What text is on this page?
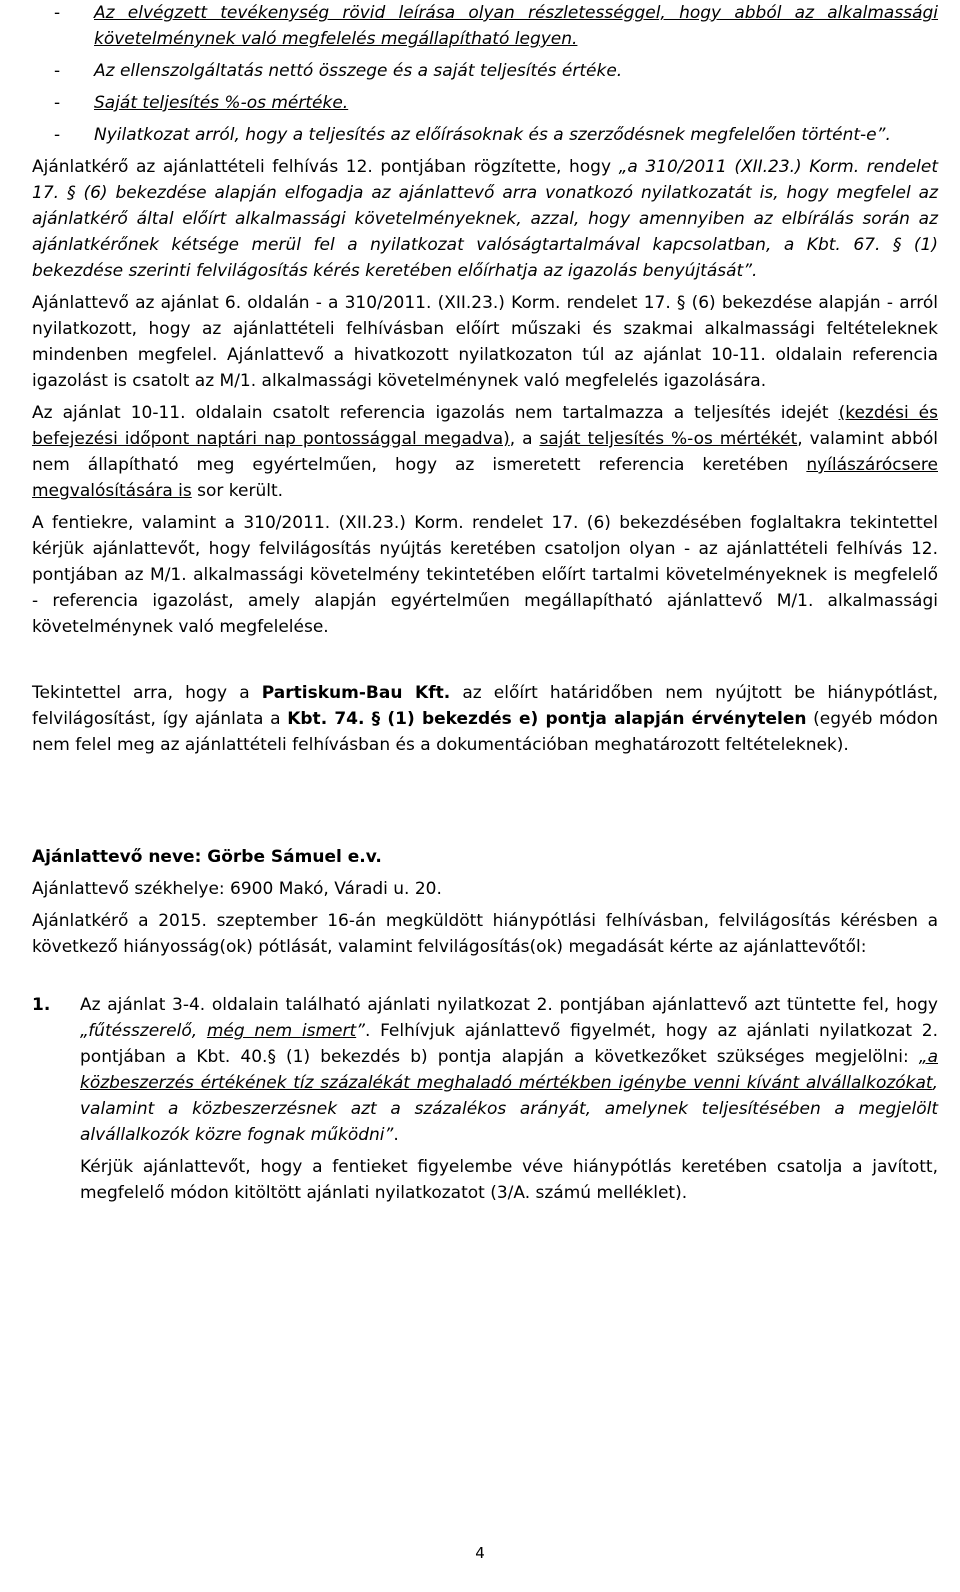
- Az elvégzett tevékenység rövid leírása olyan részletességgel, hogy abból az alkalmassági követelménynek való megfelelés megállapítható legyen.
- Az ellenszolgáltatás nettó összege és a saját teljesítés értéke.
- Saját teljesítés %-os mértéke.
- Nyilatkozat arról, hogy a teljesítés az előírásoknak és a szerződésnek megfelelően történt-e”.

Ajánlatkérő az ajánlattételi felhívás 12. pontjában rögzítette, hogy „a 310/2011 (XII.23.) Korm. rendelet 17. § (6) bekezdése alapján elfogadja az ajánlattevő arra vonatkozó nyilatkozatát is, hogy megfelel az ajánlatkérő által előírt alkalmassági követelményeknek, azzal, hogy amennyiben az elbírálás során az ajánlatkérőnek kétsége merül fel a nyilatkozat valóságtartalmával kapcsolatban, a Kbt. 67. § (1) bekezdése szerinti felvilágosítás kérés keretében előírhatja az igazolás benyújtását”.

Ajánlattevő az ajánlat 6. oldalán - a 310/2011. (XII.23.) Korm. rendelet 17. § (6) bekezdése alapján - arról nyilatkozott, hogy az ajánlattételi felhívásban előírt műszaki és szakmai alkalmassági feltételeknek mindenben megfelel. Ajánlattevő a hivatkozott nyilatkozaton túl az ajánlat 10-11. oldalain referencia igazolást is csatolt az M/1. alkalmassági követelménynek való megfelelés igazolására.

Az ajánlat 10-11. oldalain csatolt referencia igazolás nem tartalmazza a teljesítés idejét (kezdési és befejezési időpont naptári nap pontossággal megadva), a saját teljesítés %-os mértékét, valamint abból nem állapítható meg egyértelműen, hogy az ismeretett referencia keretében nyílászárócsere megvalósítására is sor került.

A fentiekre, valamint a 310/2011. (XII.23.) Korm. rendelet 17. (6) bekezdésében foglaltakra tekintettel kérjük ajánlattevőt, hogy felvilágosítás nyújtás keretében csatoljon olyan - az ajánlattételi felhívás 12. pontjában az M/1. alkalmassági követelmény tekintetében előírt tartalmi követelményeknek is megfelelő - referencia igazolást, amely alapján egyértelműen megállapítható ajánlattevő M/1. alkalmassági követelménynek való megfelelése.

Tekintettel arra, hogy a Partiskum-Bau Kft. az előírt határidőben nem nyújtott be hiánypótlást, felvilágosítást, így ajánlata a Kbt. 74. § (1) bekezdés e) pontja alapján érvénytelen (egyéb módon nem felel meg az ajánlattételi felhívásban és a dokumentációban meghatározott feltételeknek).

Ajánlattevő neve: Görbe Sámuel e.v.

Ajánlattevő székhelye: 6900 Makó, Váradi u. 20.

Ajánlatkérő a 2015. szeptember 16-án megküldött hiánypótlási felhívásban, felvilágosítás kérésben a következő hiányosság(ok) pótlását, valamint felvilágosítás(ok) megadását kérte az ajánlattevőtől:

1. Az ajánlat 3-4. oldalain található ajánlati nyilatkozat 2. pontjában ajánlattevő azt tüntette fel, hogy „fűtésszerelő, még nem ismert”. Felhívjuk ajánlattevő figyelmét, hogy az ajánlati nyilatkozat 2. pontjában a Kbt. 40.§ (1) bekezdés b) pontja alapján a következőket szükséges megjelölni: „a közbeszerzés értékének tíz százalékát meghaladó mértékben igénybe venni kívánt alvállalkozókat, valamint a közbeszerzésnek azt a százalékos arányát, amelynek teljesítésében a megjelölt alvállalkozók közre fognak működni”.

Kérjük ajánlattevőt, hogy a fentieket figyelembe véve hiánypótlás keretében csatolja a javított, megfelelő módon kitöltött ajánlati nyilatkozatot (3/A. számú melléklet).

4
